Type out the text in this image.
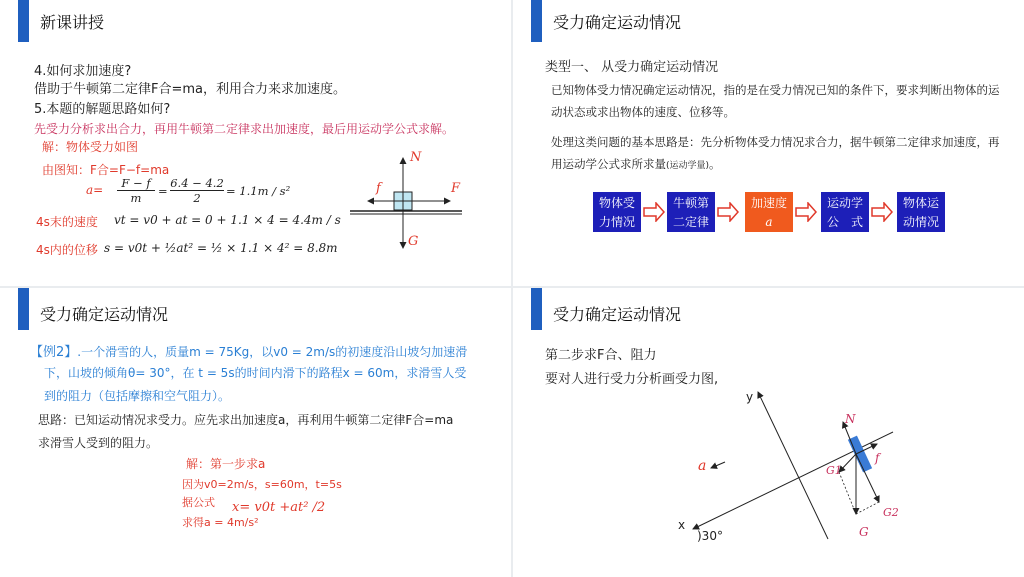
新课讲授
4.如何求加速度?
借助于牛顿第二定律F合=ma，利用合力来求加速度。
5.本题的解题思路如何?
先受力分析求出合力，再用牛顿第二定律求出加速度，最后用运动学公式求解。
解：物体受力如图
由图知：F合=F−f=ma
$a= \frac{F - f}{m} = \frac{6.4 - 4.2}{2} = 1.1m / s^2$
4s末的速度 vt = v0 + at = 0 + 1.1 × 4 = 4.4m / s
4s内的位移 s = v0t + ½at² = ½ × 1.1 × 4² = 8.8m
N
f	F
G
受力确定运动情况
类型一、 从受力确定运动情况
已知物体受力情况确定运动情况，指的是在受力情况已知的条件下，要求判断出物体的运动状态或求出物体的速度、位移等。
处理这类问题的基本思路是：先分析物体受力情况求合力，据牛顿第二定律求加速度，再用运动学公式求所求量(运动学量)。
物体受
力情况
牛顿第
二定律
加速度
a
运动学
公　式
物体运
动情况
受力确定运动情况
【例2】.一个滑雪的人，质量m = 75Kg，以v0 = 2m/s的初速度沿山坡匀加速滑
下，山坡的倾角θ= 30°，在 t = 5s的时间内滑下的路程x = 60m，求滑雪人受
到的阻力（包括摩擦和空气阻力）。
思路：已知运动情况求受力。应先求出加速度a，再利用牛顿第二定律F合=ma
求滑雪人受到的阻力。
解：第一步求a
因为v0=2m/s，s=60m，t=5s
据公式 x= v0t +at² /2
求得a = 4m/s²
受力确定运动情况
第二步求F合、阻力
要对人进行受力分析画受力图,
y
x
)30°
N
f
a	G1
G2
G
